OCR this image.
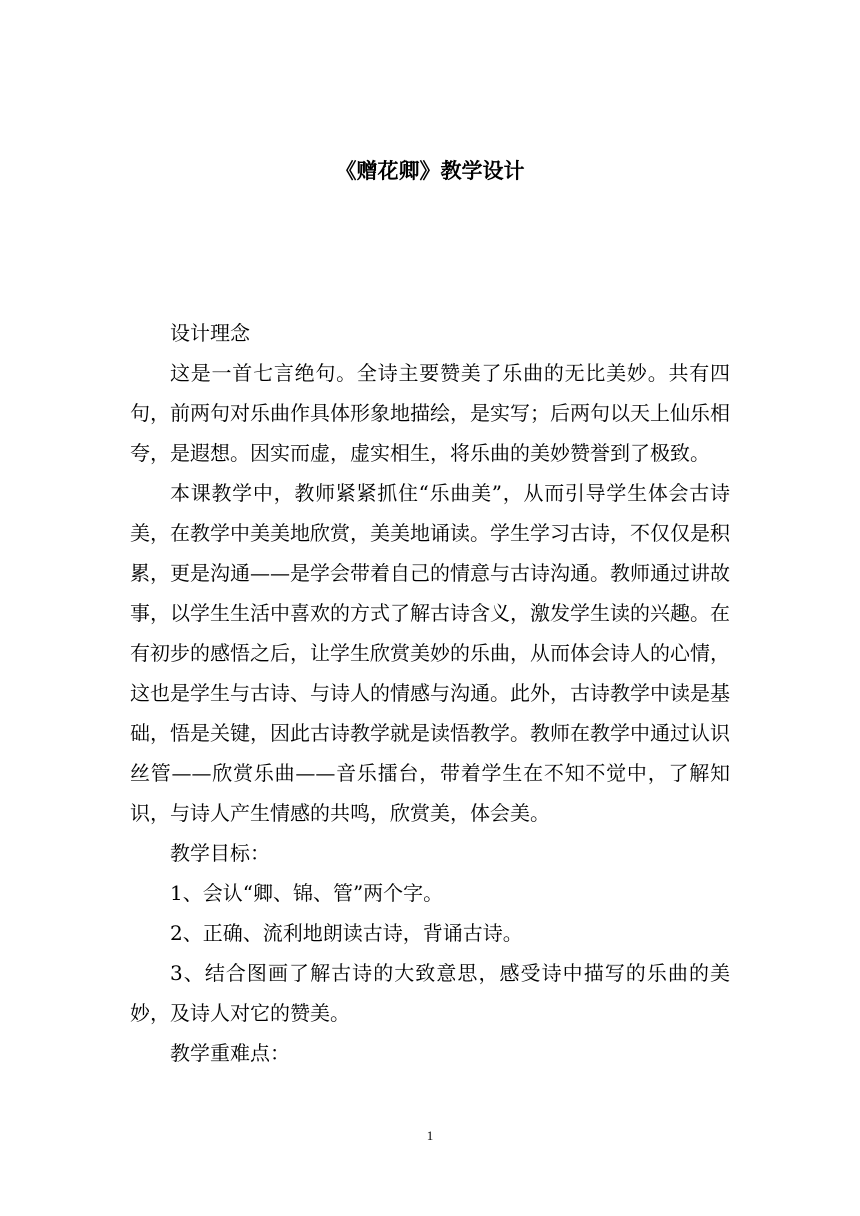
《赠花卿》教学设计

设计理念

这是一首七言绝句。全诗主要赞美了乐曲的无比美妙。共有四句，前两句对乐曲作具体形象地描绘，是实写；后两句以天上仙乐相夸，是遐想。因实而虚，虚实相生，将乐曲的美妙赞誉到了极致。

本课教学中，教师紧紧抓住“乐曲美”，从而引导学生体会古诗美，在教学中美美地欣赏，美美地诵读。学生学习古诗，不仅仅是积累，更是沟通——是学会带着自己的情意与古诗沟通。教师通过讲故事，以学生生活中喜欢的方式了解古诗含义，激发学生读的兴趣。在有初步的感悟之后，让学生欣赏美妙的乐曲，从而体会诗人的心情，这也是学生与古诗、与诗人的情感与沟通。此外，古诗教学中读是基础，悟是关键，因此古诗教学就是读悟教学。教师在教学中通过认识丝管——欣赏乐曲——音乐擂台，带着学生在不知不觉中，了解知识，与诗人产生情感的共鸣，欣赏美，体会美。

教学目标：

1、会认“卿、锦、管”两个字。

2、正确、流利地朗读古诗，背诵古诗。

3、结合图画了解古诗的大致意思，感受诗中描写的乐曲的美妙，及诗人对它的赞美。

教学重难点：

1
